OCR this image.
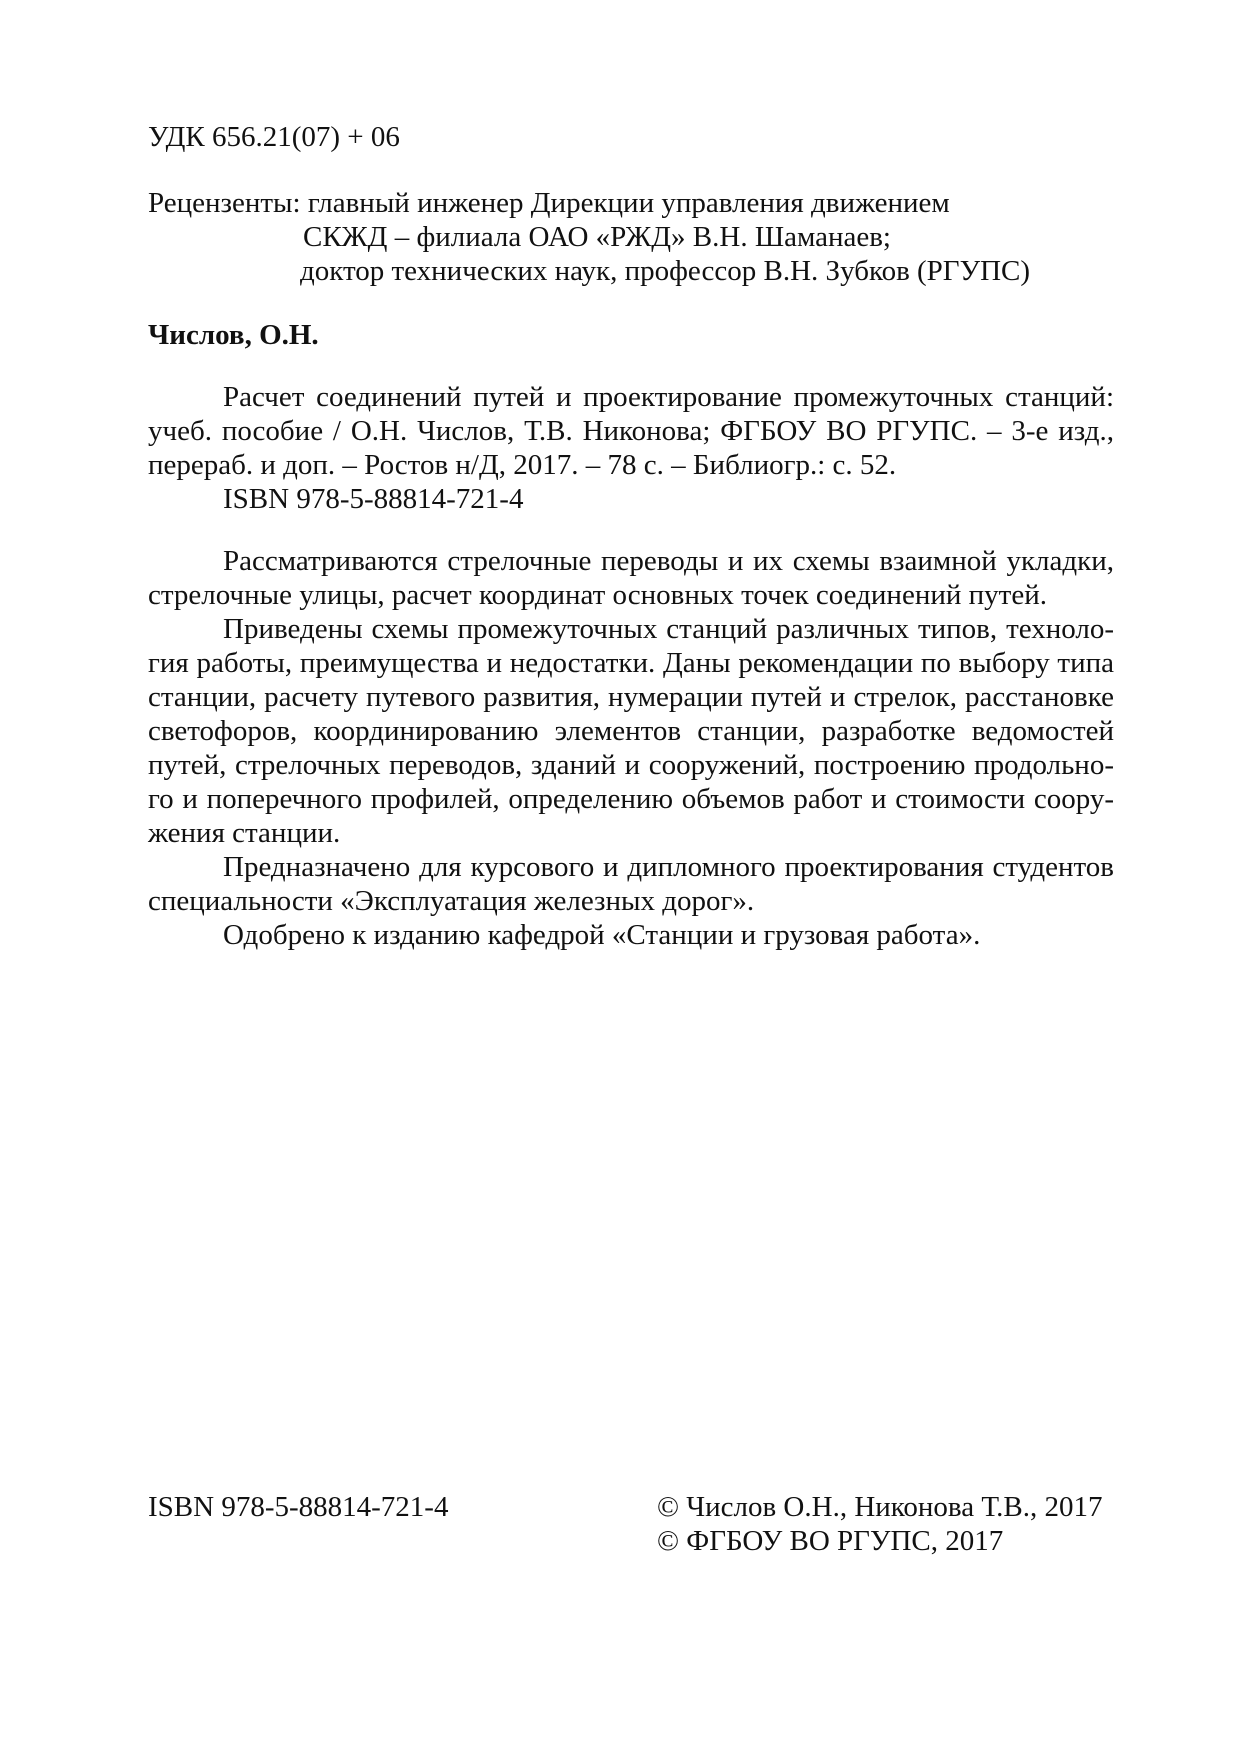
УДК 656.21(07) + 06
Рецензенты: главный инженер Дирекции управления движением
СКЖД – филиала ОАО «РЖД» В.Н. Шаманаев;
доктор технических наук, профессор В.Н. Зубков (РГУПС)
Числов, О.Н.
Расчет соединений путей и проектирование промежуточных станций:
учеб. пособие / О.Н. Числов, Т.В. Никонова; ФГБОУ ВО РГУПС. – 3-е изд.,
перераб. и доп. – Ростов н/Д, 2017. – 78 с. – Библиогр.: с. 52.
ISBN 978-5-88814-721-4
Рассматриваются стрелочные переводы и их схемы взаимной укладки,
стрелочные улицы, расчет координат основных точек соединений путей.
Приведены схемы промежуточных станций различных типов, технолo-
гия работы, преимущества и недостатки. Даны рекомендации по выбору типа
станции, расчету путевого развития, нумерации путей и стрелок, расстановке
светофоров, координированию элементов станции, разработке ведомостей
путей, стрелочных переводов, зданий и сооружений, построению продольно-
го и поперечного профилей, определению объемов работ и стоимости соору-
жения станции.
Предназначено для курсового и дипломного проектирования студентов
специальности «Эксплуатация железных дорог».
Одобрено к изданию кафедрой «Станции и грузовая работа».
ISBN 978-5-88814-721-4	© Числов О.Н., Никонова Т.В., 2017
© ФГБОУ ВО РГУПС, 2017
